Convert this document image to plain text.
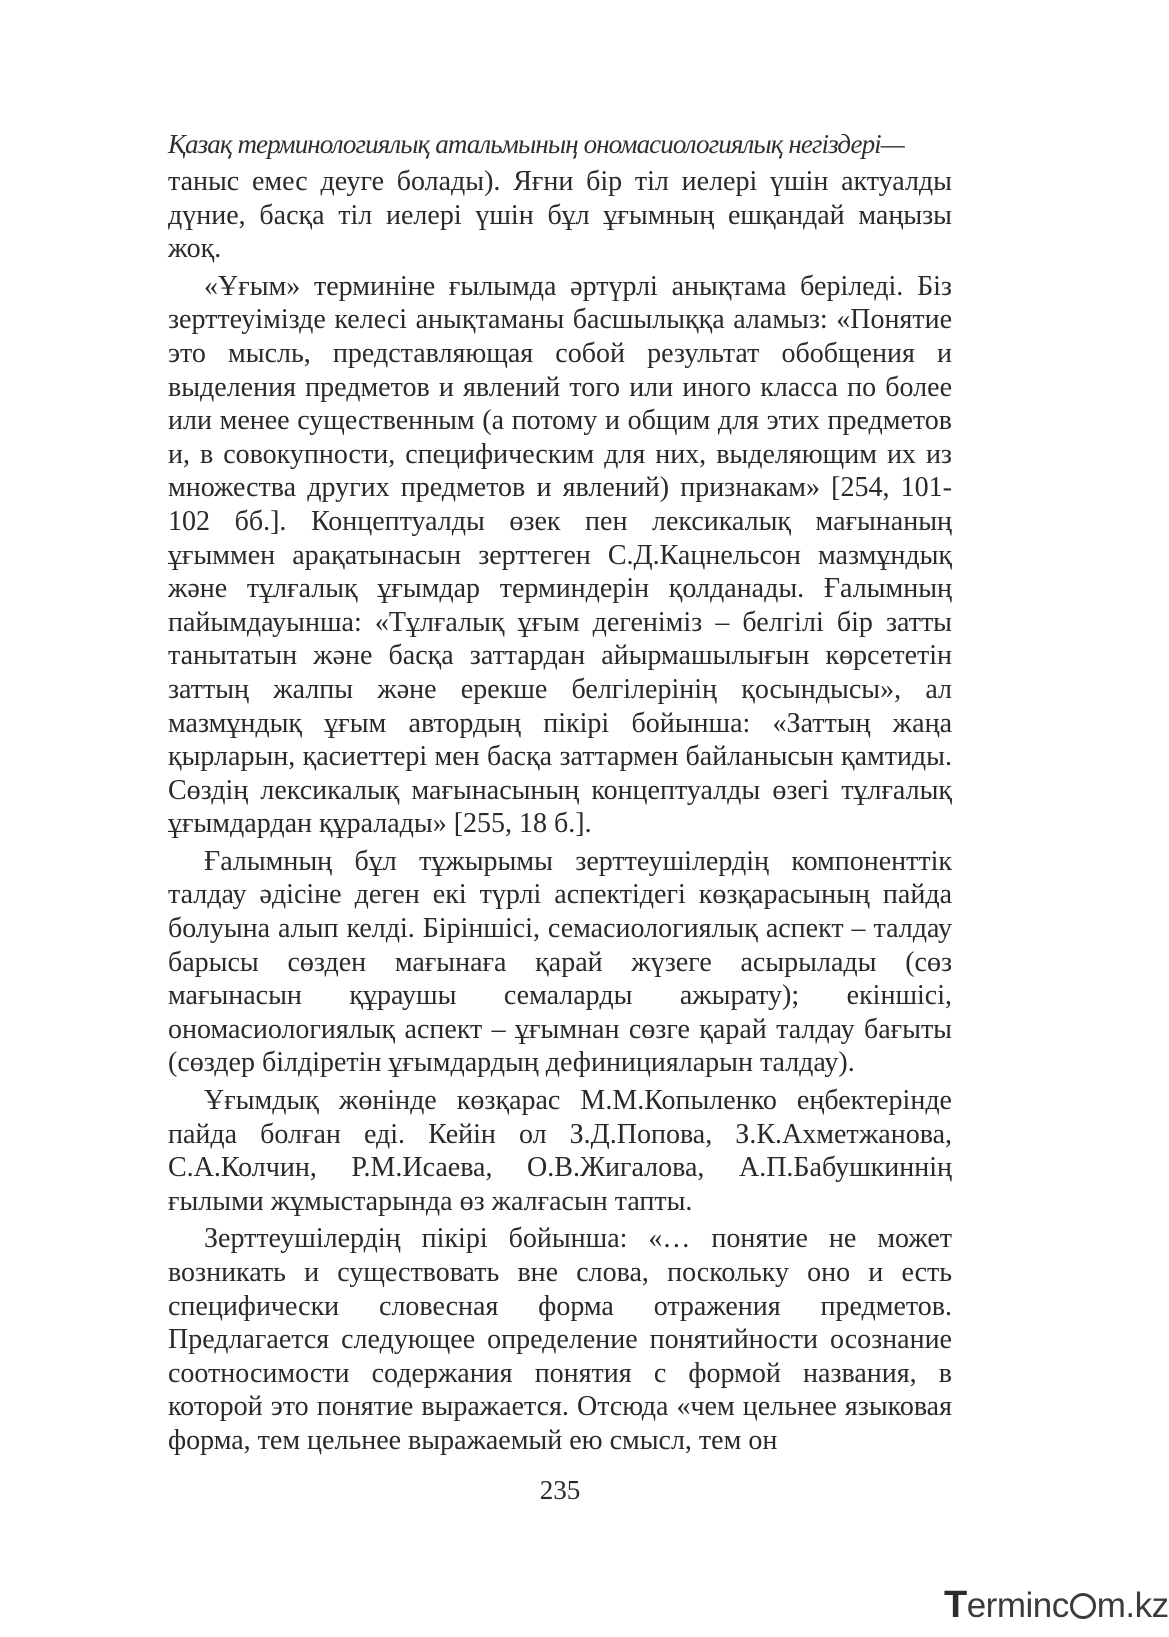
Қазақ терминологиялық атальмының ономасиологиялық негіздері—

таныс емес деуге болады). Яғни бір тіл иелері үшін актуалды дүние, басқа тіл иелері үшін бұл ұғымның ешқандай маңызы жоқ.

«Ұғым» терминіне ғылымда әртүрлі анықтама беріледі. Біз зерттеуімізде келесі анықтаманы басшылыққа аламыз: «Понятие это мысль, представляющая собой результат обобщения и выделения предметов и явлений того или иного класса по более или менее существенным (а потому и общим для этих предметов и, в совокупности, специфическим для них, выделяющим их из множества других предметов и явлений) признакам» [254, 101-102 бб.]. Концептуалды өзек пен лексикалық мағынаның ұғыммен арақатынасын зерттеген С.Д.Кацнельсон мазмұндық және тұлғалық ұғымдар терминдерін қолданады. Ғалымның пайымдауынша: «Тұлғалық ұғым дегеніміз – белгілі бір затты танытатын және басқа заттардан айырмашылығын көрсететін заттың жалпы және ерекше белгілерінің қосындысы», ал мазмұндық ұғым автордың пікірі бойынша: «Заттың жаңа қырларын, қасиеттері мен басқа заттармен байланысын қамтиды. Сөздің лексикалық мағынасының концептуалды өзегі тұлғалық ұғымдардан құралады» [255, 18 б.].

Ғалымның бұл тұжырымы зерттеушілердің компоненттік талдау әдісіне деген екі түрлі аспектідегі көзқарасының пайда болуына алып келді. Біріншісі, семасиологиялық аспект – талдау барысы сөзден мағынаға қарай жүзеге асырылады (сөз мағынасын құраушы семаларды ажырату); екіншісі, ономасиологиялық аспект – ұғымнан сөзге қарай талдау бағыты (сөздер білдіретін ұғымдардың дефиницияларын талдау).

Ұғымдық жөнінде көзқарас М.М.Копыленко еңбектерінде пайда болған еді. Кейін ол З.Д.Попова, З.К.Ахметжанова, С.А.Колчин, Р.М.Исаева, О.В.Жигалова, А.П.Бабушкиннің ғылыми жұмыстарында өз жалғасын тапты.

Зерттеушілердің пікірі бойынша: «… понятие не может возникать и существовать вне слова, поскольку оно и есть специфически словесная форма отражения предметов. Предлагается следующее определение понятийности осознание соотносимости содержания понятия с формой названия, в которой это понятие выражается. Отсюда «чем цельнее языковая форма, тем цельнее выражаемый ею смысл, тем он

235
Terminc m.kz
